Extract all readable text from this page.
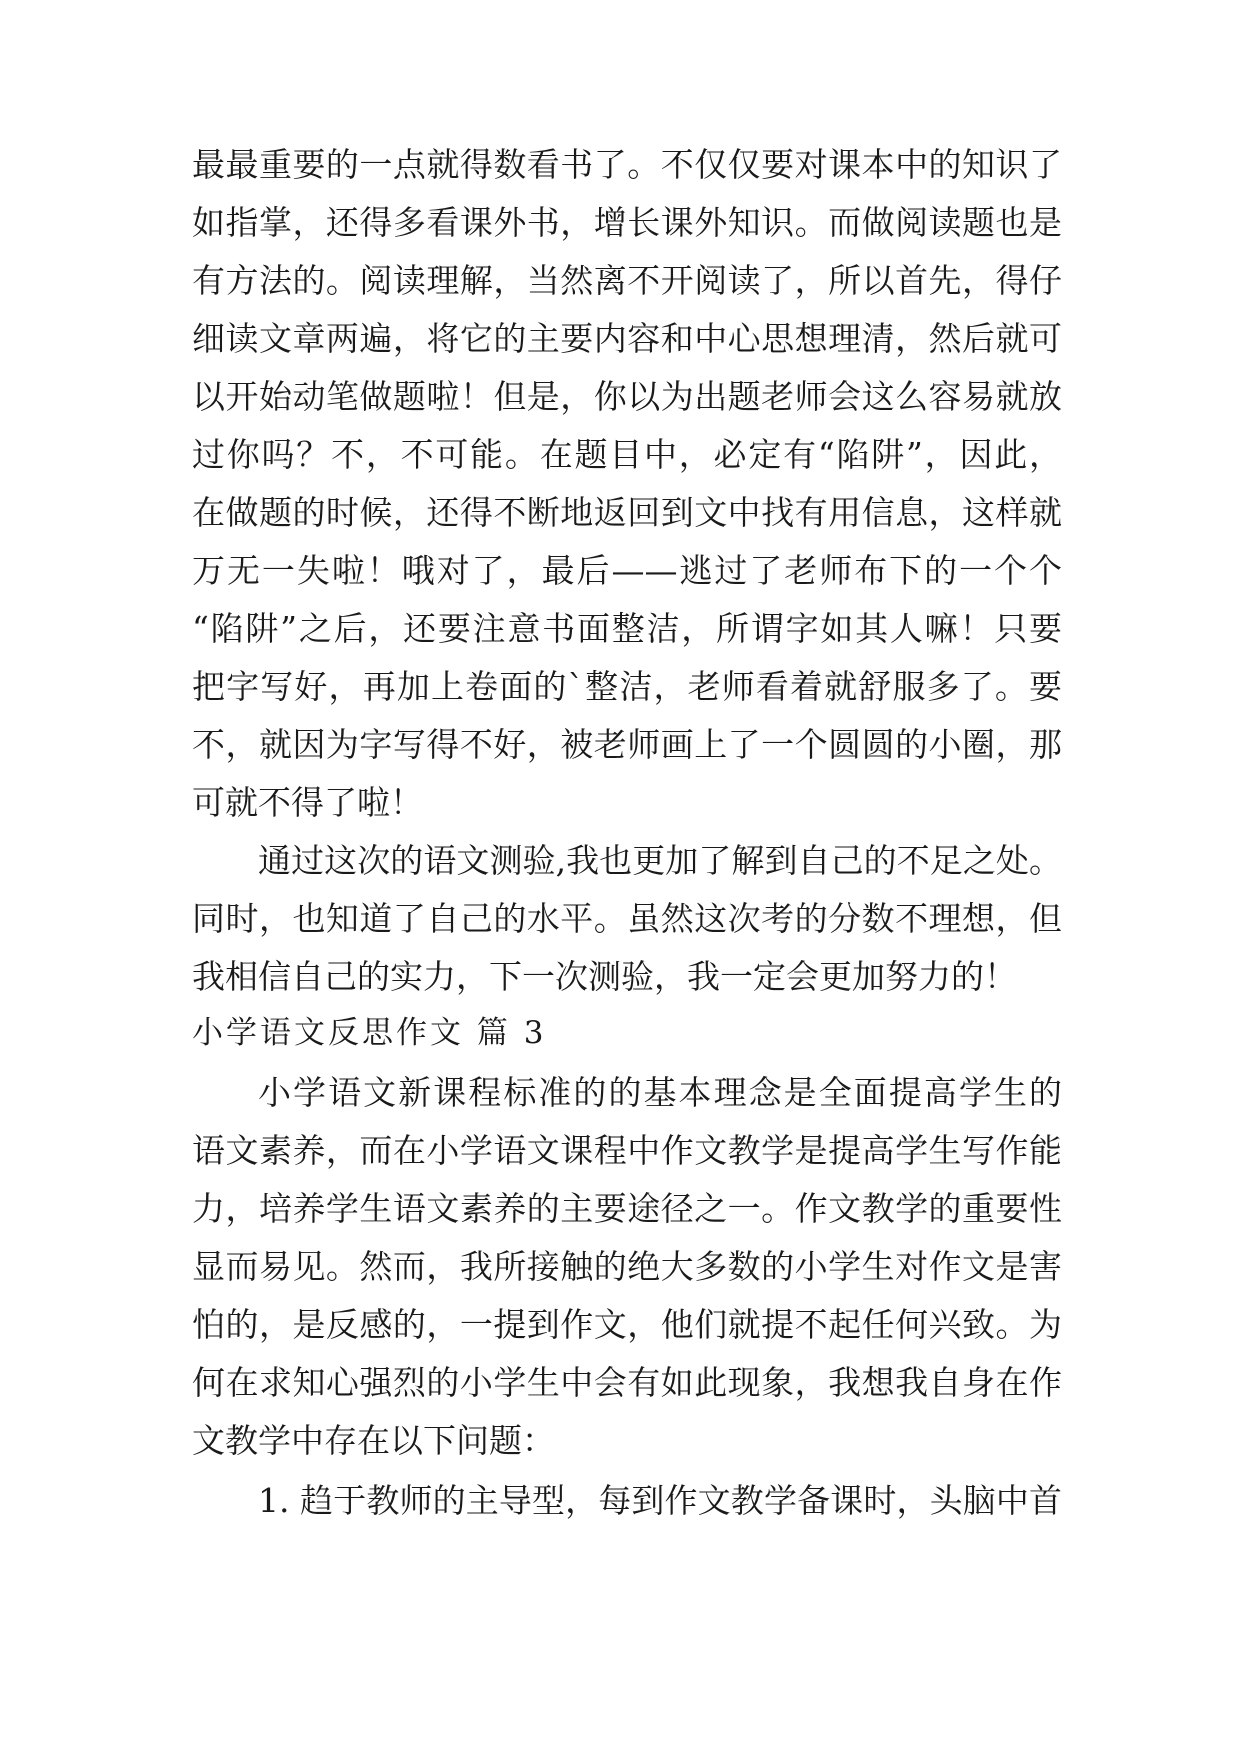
最最重要的一点就得数看书了。不仅仅要对课本中的知识了
如指掌，还得多看课外书，增长课外知识。而做阅读题也是
有方法的。阅读理解，当然离不开阅读了，所以首先，得仔
细读文章两遍，将它的主要内容和中心思想理清，然后就可
以开始动笔做题啦！但是，你以为出题老师会这么容易就放
过你吗？不，不可能。在题目中，必定有“陷阱”，因此，
在做题的时候，还得不断地返回到文中找有用信息，这样就
万无一失啦！哦对了，最后——逃过了老师布下的一个个
“陷阱”之后，还要注意书面整洁，所谓字如其人嘛！只要
把字写好，再加上卷面的`整洁，老师看着就舒服多了。要
不，就因为字写得不好，被老师画上了一个圆圆的小圈，那
可就不得了啦！
通过这次的语文测验,我也更加了解到自己的不足之处。
同时，也知道了自己的水平。虽然这次考的分数不理想，但
我相信自己的实力，下一次测验，我一定会更加努力的！
小学语文反思作文 篇 3
小学语文新课程标准的的基本理念是全面提高学生的
语文素养，而在小学语文课程中作文教学是提高学生写作能
力，培养学生语文素养的主要途径之一。作文教学的重要性
显而易见。然而，我所接触的绝大多数的小学生对作文是害
怕的，是反感的，一提到作文，他们就提不起任何兴致。为
何在求知心强烈的小学生中会有如此现象，我想我自身在作
文教学中存在以下问题：
1. 趋于教师的主导型，每到作文教学备课时，头脑中首
